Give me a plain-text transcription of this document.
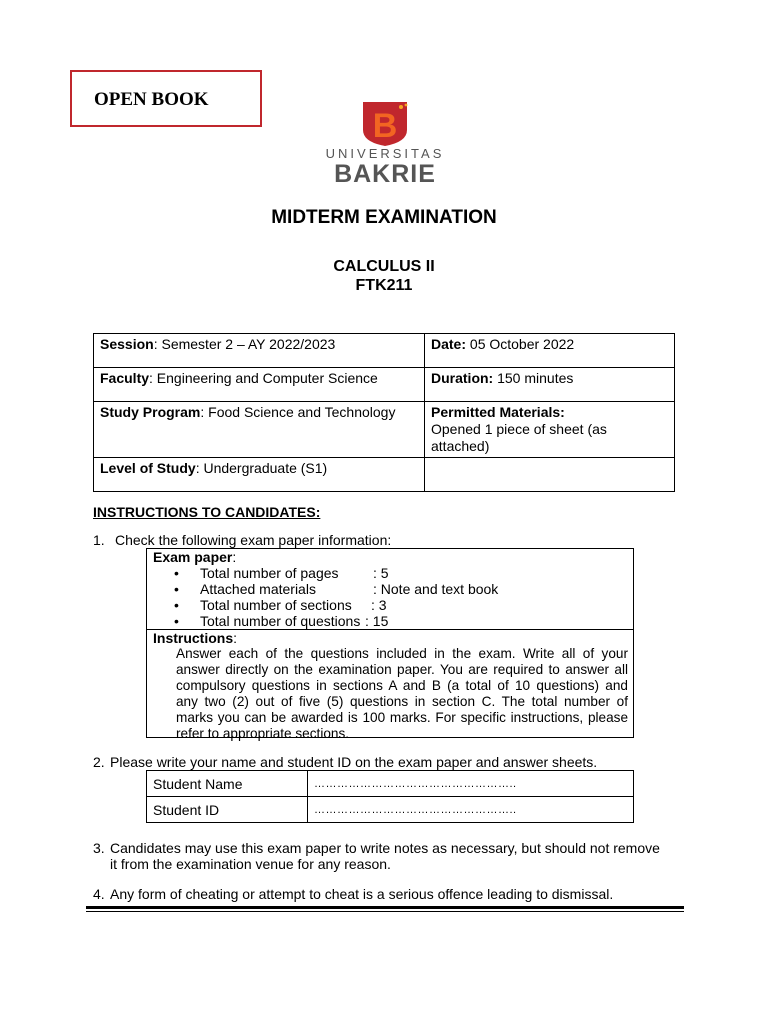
OPEN BOOK
B
UNIVERSITAS
BAKRIE
MIDTERM EXAMINATION
CALCULUS II
FTK211
Session: Semester 2 – AY 2022/2023	Date: 05 October 2022
Faculty: Engineering and Computer Science	Duration: 150 minutes
Study Program: Food Science and Technology	Permitted Materials:
Opened 1 piece of sheet (as attached)
Level of Study: Undergraduate (S1)	
INSTRUCTIONS TO CANDIDATES:
1. Check the following exam paper information:
Exam paper:
• Total number of pages : 5
• Attached materials	: Note and text book
• Total number of sections : 3
• Total number of questions : 15
Instructions:
Answer each of the questions included in the exam. Write all of your
answer directly on the examination paper. You are required to answer all
compulsory questions in sections A and B (a total of 10 questions) and
any two (2) out of five (5) questions in section C. The total number of
marks you can be awarded is 100 marks. For specific instructions, please
refer to appropriate sections.
2. Please write your name and student ID on the exam paper and answer sheets.
Student Name	……………………………………………..
Student ID	……………………………………………..
3. Candidates may use this exam paper to write notes as necessary, but should not remove
it from the examination venue for any reason.
4. Any form of cheating or attempt to cheat is a serious offence leading to dismissal.
